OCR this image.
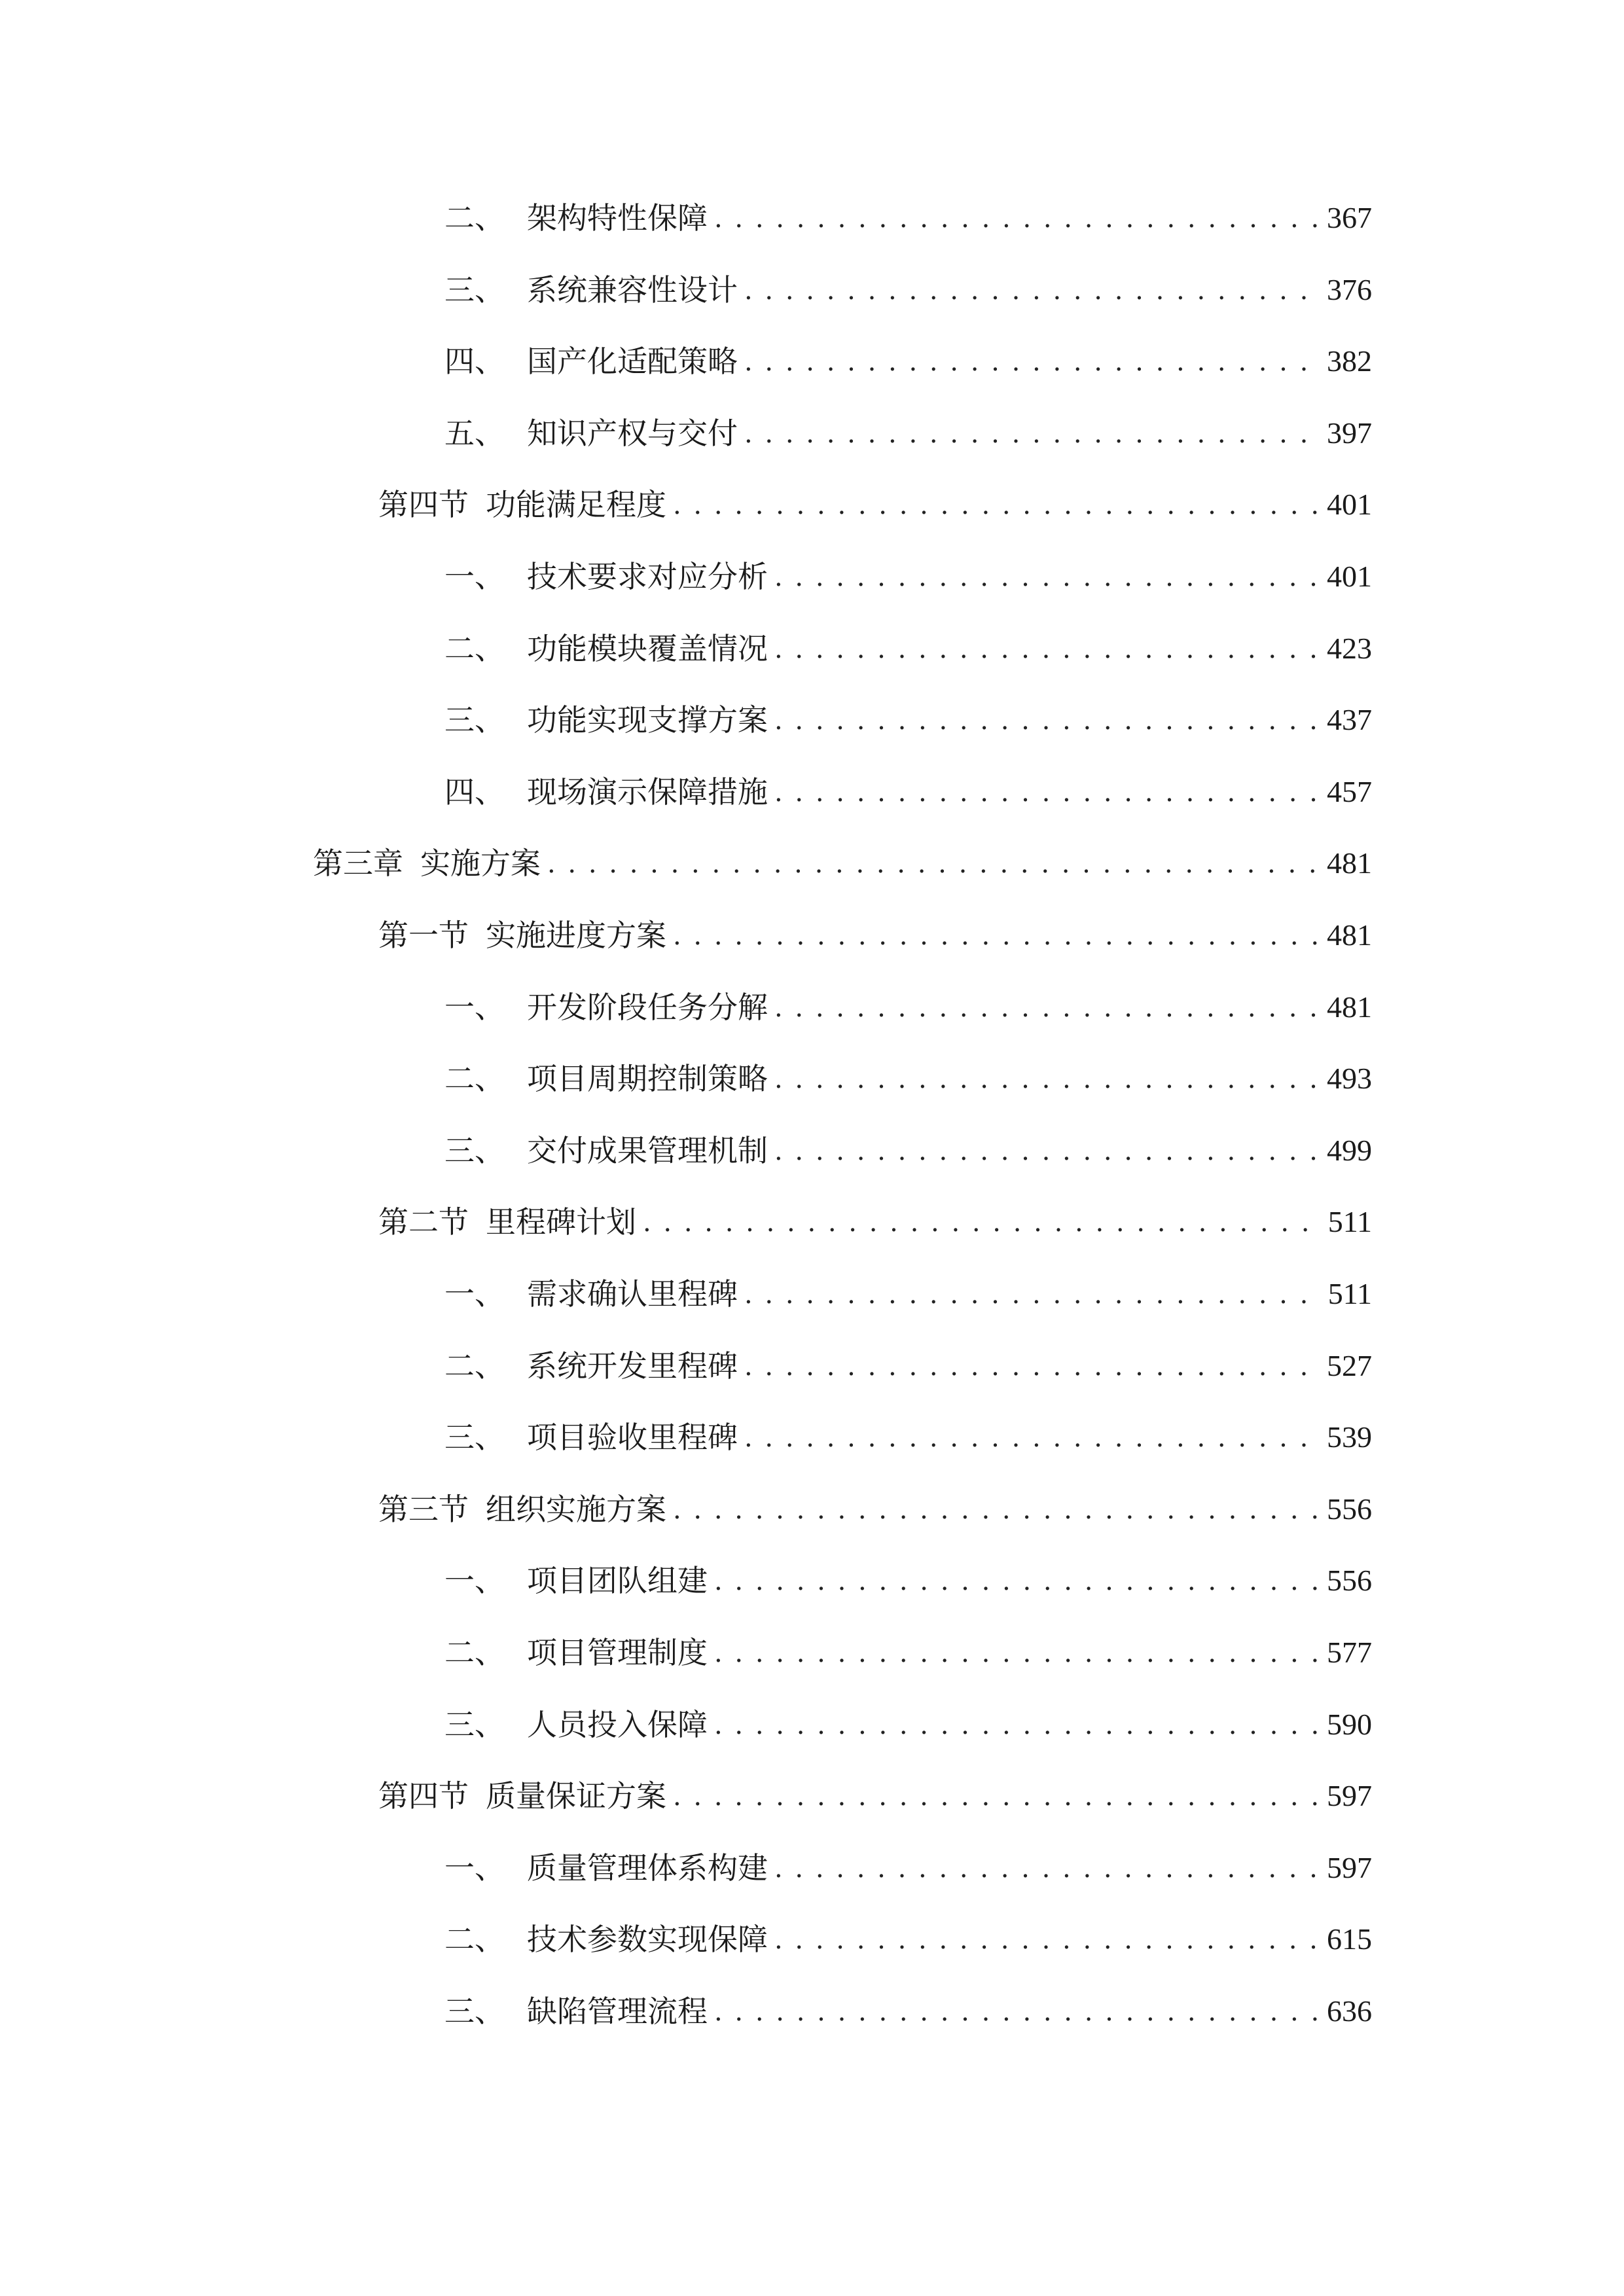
二、 架构特性保障 . . .	367
三、 系统兼容性设计 . . .	376
四、 国产化适配策略 . . .	382
五、 知识产权与交付 . . .	397
第四节 功能满足程度 . . .	401
一、 技术要求对应分析 . . .	401
二、 功能模块覆盖情况 . . .	423
三、 功能实现支撑方案 . . .	437
四、 现场演示保障措施 . . .	457
第三章 实施方案 . . .	481
第一节 实施进度方案 . . .	481
一、 开发阶段任务分解 . . .	481
二、 项目周期控制策略 . . .	493
三、 交付成果管理机制 . . .	499
第二节 里程碑计划 . . .	511
一、 需求确认里程碑 . . .	511
二、 系统开发里程碑 . . .	527
三、 项目验收里程碑 . . .	539
第三节 组织实施方案 . . .	556
一、 项目团队组建 . . .	556
二、 项目管理制度 . . .	577
三、 人员投入保障 . . .	590
第四节 质量保证方案 . . .	597
一、 质量管理体系构建 . . .	597
二、 技术参数实现保障 . . .	615
三、 缺陷管理流程 . . .	636
